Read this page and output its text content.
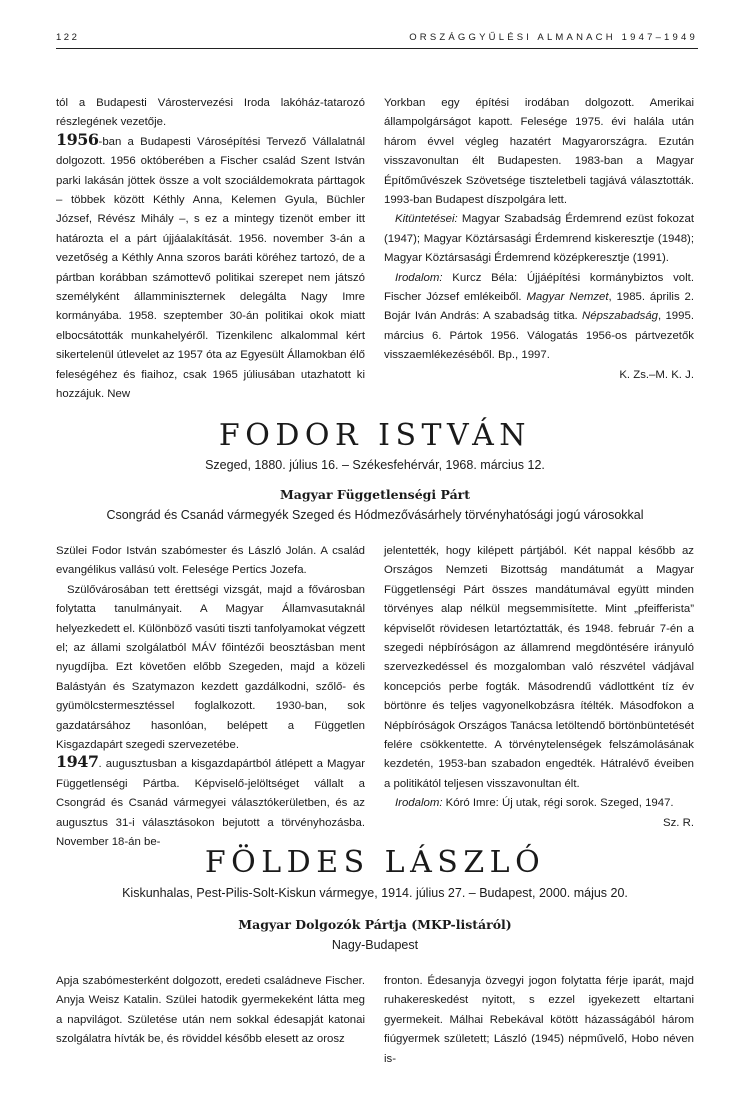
122	ORSZÁGGYŰLÉSI ALMANACH 1947–1949

tól a Budapesti Várostervezési Iroda lakóház-tatarozó részlegének vezetője.

1956-ban a Budapesti Városépítési Tervező Vállalatnál dolgozott. 1956 októberében a Fischer család Szent István parki lakásán jöttek össze a volt szociáldemokrata párttagok – többek között Kéthly Anna, Kelemen Gyula, Büchler József, Révész Mihály –, s ez a mintegy tizenöt ember itt határozta el a párt újjáalakítását. 1956. november 3-án a vezetőség a Kéthly Anna szoros baráti köréhez tartozó, de a pártban korábban számottevő politikai szerepet nem játszó személyként államminiszternek delegálta Nagy Imre kormányába. 1958. szeptember 30-án politikai okok miatt elbocsátották munkahelyéről. Tizenkilenc alkalommal kért sikertelenül útlevelet az 1957 óta az Egyesült Államokban élő feleségéhez és fiaihoz, csak 1965 júliusában utazhatott ki hozzájuk. New

Yorkban egy építési irodában dolgozott. Amerikai állampolgárságot kapott. Felesége 1975. évi halála után három évvel végleg hazatért Magyarországra. Ezután visszavonultan élt Budapesten. 1983-ban a Magyar Építőművészek Szövetsége tiszteletbeli tagjává választották. 1993-ban Budapest díszpolgára lett.

Kitüntetései: Magyar Szabadság Érdemrend ezüst fokozat (1947); Magyar Köztársasági Érdemrend kiskeresztje (1948); Magyar Köztársasági Érdemrend középkeresztje (1991).

Irodalom: Kurcz Béla: Újjáépítési kormánybiztos volt. Fischer József emlékeiből. Magyar Nemzet, 1985. április 2. Bojár Iván András: A szabadság titka. Népszabadság, 1995. március 6. Pártok 1956. Válogatás 1956-os pártvezetők visszaemlékezéséből. Bp., 1997.

K. Zs.–M. K. J.

FODOR ISTVÁN
Szeged, 1880. július 16. – Székesfehérvár, 1968. március 12.
Magyar Függetlenségi Párt
Csongrád és Csanád vármegyék Szeged és Hódmezővásárhely törvényhatósági jogú városokkal

Szülei Fodor István szabómester és László Jolán. A család evangélikus vallású volt. Felesége Pertics Jozefa.

Szülővárosában tett érettségi vizsgát, majd a fővárosban folytatta tanulmányait. A Magyar Államvasutaknál helyezkedett el. Különböző vasúti tiszti tanfolyamokat végzett el; az állami szolgálatból MÁV főintézői beosztásban ment nyugdíjba. Ezt követően előbb Szegeden, majd a közeli Balástyán és Szatymazon kezdett gazdálkodni, szőlő- és gyümölcstermesztéssel foglalkozott. 1930-ban, sok gazdatársához hasonlóan, belépett a Független Kisgazdapárt szegedi szervezetébe.

1947. augusztusban a kisgazdapártból átlépett a Magyar Függetlenségi Pártba. Képviselő-jelöltséget vállalt a Csongrád és Csanád vármegyei választókerületben, és az augusztus 31-i választásokon bejutott a törvényhozásba. November 18-án be-

jelentették, hogy kilépett pártjából. Két nappal később az Országos Nemzeti Bizottság mandátumát a Magyar Függetlenségi Párt összes mandátumával együtt minden törvényes alap nélkül megsemmisítette. Mint „pfeifferista” képviselőt rövidesen letartóztatták, és 1948. február 7-én a szegedi népbíróságon az államrend megdöntésére irányuló szervezkedéssel és mozgalomban való részvétel vádjával koncepciós perbe fogták. Másodrendű vádlottként tíz év börtönre és teljes vagyonelkobzásra ítélték. Másodfokon a Népbíróságok Országos Tanácsa letöltendő börtönbüntetését felére csökkentette. A törvénytelenségek felszámolásának kezdetén, 1953-ban szabadon engedték. Hátralévő éveiben a politikától teljesen visszavonultan élt.

Irodalom: Kóró Imre: Új utak, régi sorok. Szeged, 1947.

Sz. R.

FÖLDES LÁSZLÓ
Kiskunhalas, Pest-Pilis-Solt-Kiskun vármegye, 1914. július 27. – Budapest, 2000. május 20.
Magyar Dolgozók Pártja (MKP-listáról)
Nagy-Budapest

Apja szabómesterként dolgozott, eredeti családneve Fischer. Anyja Weisz Katalin. Szülei hatodik gyermekeként látta meg a napvilágot. Születése után nem sokkal édesapját katonai szolgálatra hívták be, és röviddel később elesett az orosz

fronton. Édesanyja özvegyi jogon folytatta férje iparát, majd ruhakereskedést nyitott, s ezzel igyekezett eltartani gyermekeit. Málhai Rebekával kötött házasságából három fiúgyermek született; László (1945) népművelő, Hobo néven is-
